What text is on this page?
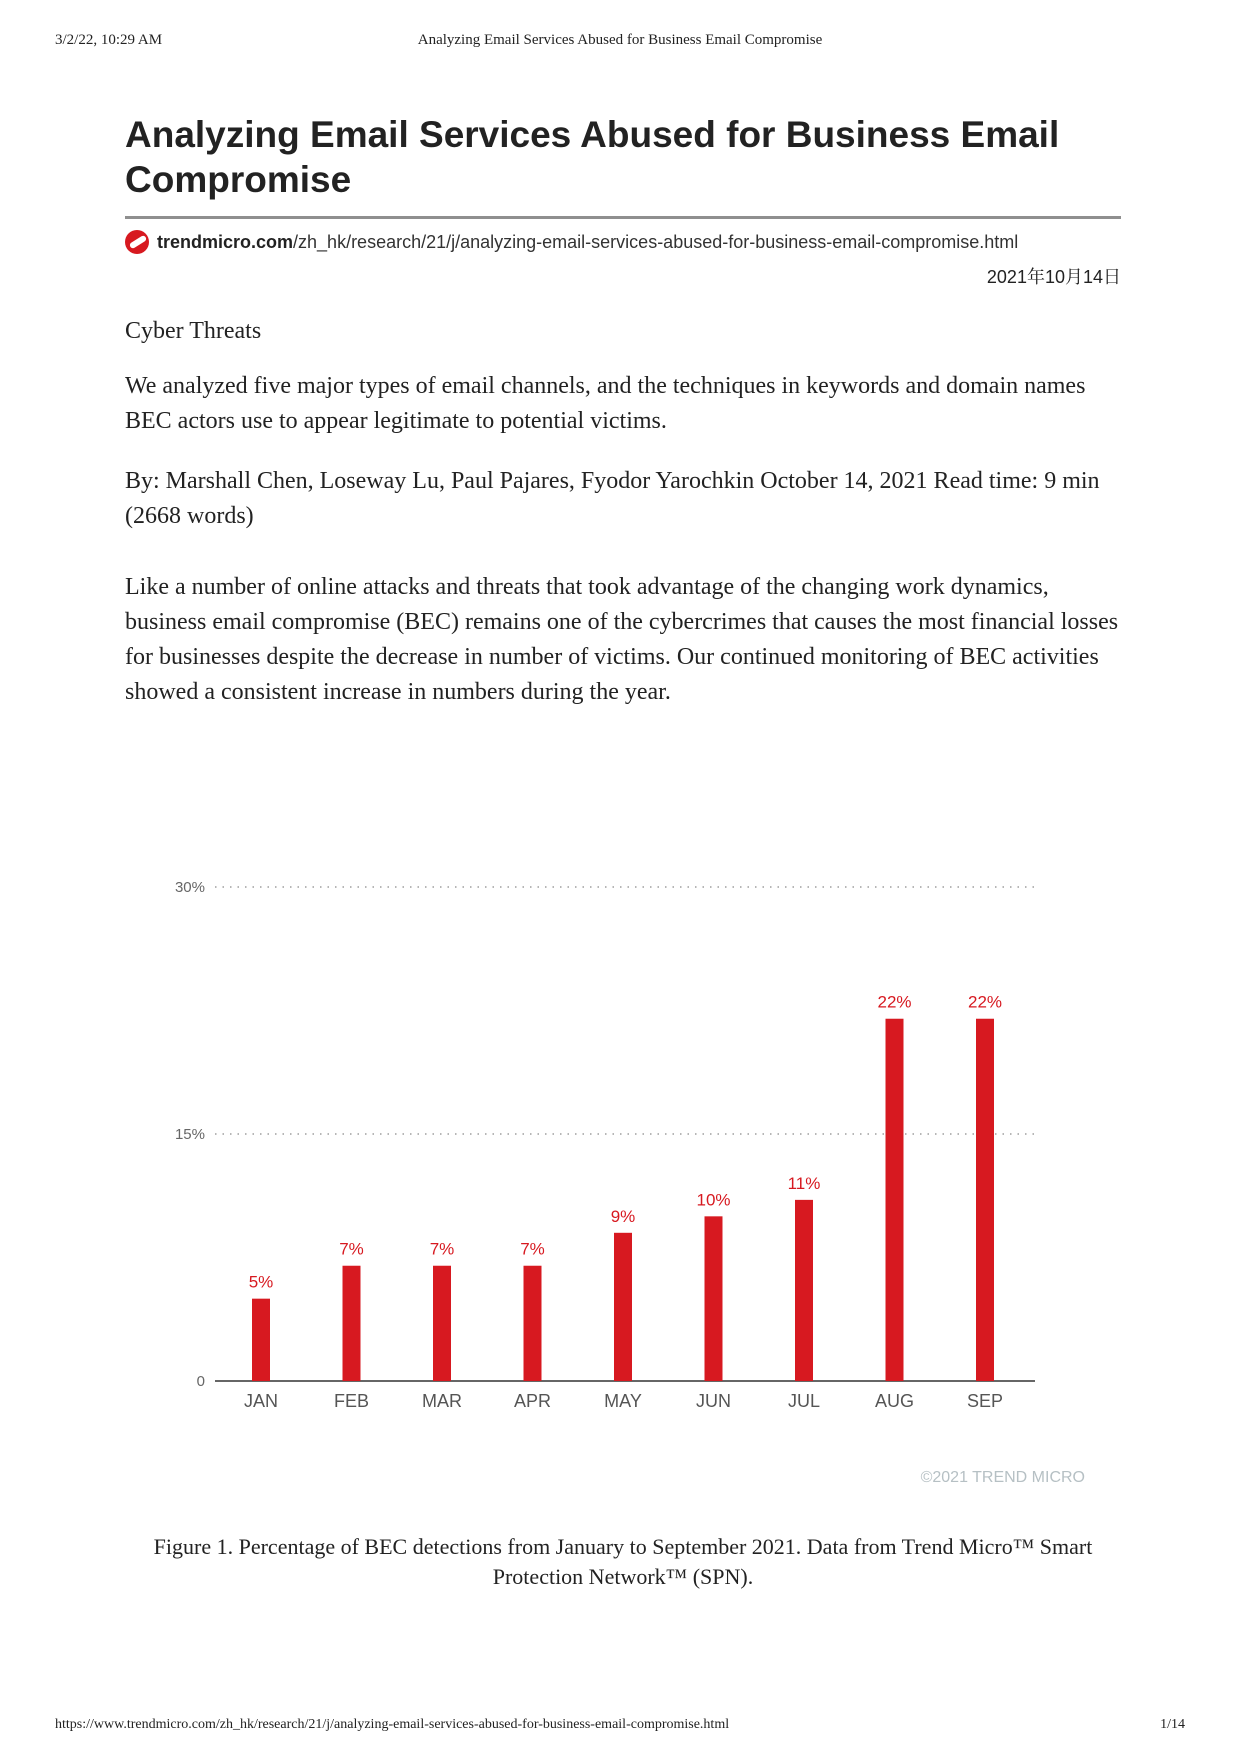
3/2/22, 10:29 AM	Analyzing Email Services Abused for Business Email Compromise
Analyzing Email Services Abused for Business Email Compromise
trendmicro.com /zh_hk/research/21/j/analyzing-email-services-abused-for-business-email-compromise.html
2021年10月14日
Cyber Threats

We analyzed five major types of email channels, and the techniques in keywords and domain names BEC actors use to appear legitimate to potential victims.

By: Marshall Chen, Loseway Lu, Paul Pajares, Fyodor Yarochkin October 14, 2021 Read time: 9 min (2668 words)

Like a number of online attacks and threats that took advantage of the changing work dynamics, business email compromise (BEC) remains one of the cybercrimes that causes the most financial losses for businesses despite the decrease in number of victims. Our continued monitoring of BEC activities showed a consistent increase in numbers during the year.

0
15%
30%
5%
JAN
7%
FEB
7%
MAR
7%
APR
9%
MAY
10%
JUN
11%
JUL
22%
AUG
22%
SEP
©2021 TREND MICRO
Figure 1. Percentage of BEC detections from January to September 2021. Data from Trend Micro™ Smart Protection Network™ (SPN).
https://www.trendmicro.com/zh_hk/research/21/j/analyzing-email-services-abused-for-business-email-compromise.html	1/14
